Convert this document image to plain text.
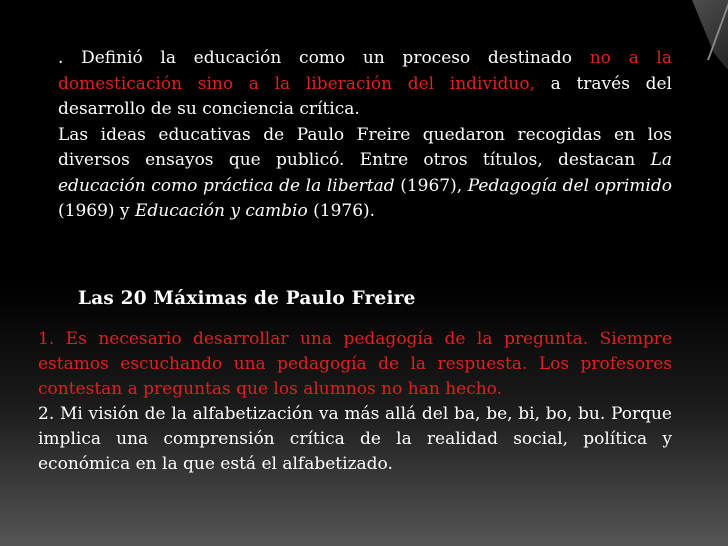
. Definió la educación como un proceso destinado no a la domesticación sino a la liberación del individuo, a través del desarrollo de su conciencia crítica.

Las ideas educativas de Paulo Freire quedaron recogidas en los diversos ensayos que publicó. Entre otros títulos, destacan La educación como práctica de la libertad (1967), Pedagogía del oprimido (1969) y Educación y cambio (1976).

Las 20 Máximas de Paulo Freire

1. Es necesario desarrollar una pedagogía de la pregunta. Siempre estamos escuchando una pedagogía de la respuesta. Los profesores contestan a preguntas que los alumnos no han hecho.

2. Mi visión de la alfabetización va más allá del ba, be, bi, bo, bu. Porque implica una comprensión crítica de la realidad social, política y económica en la que está el alfabetizado.
